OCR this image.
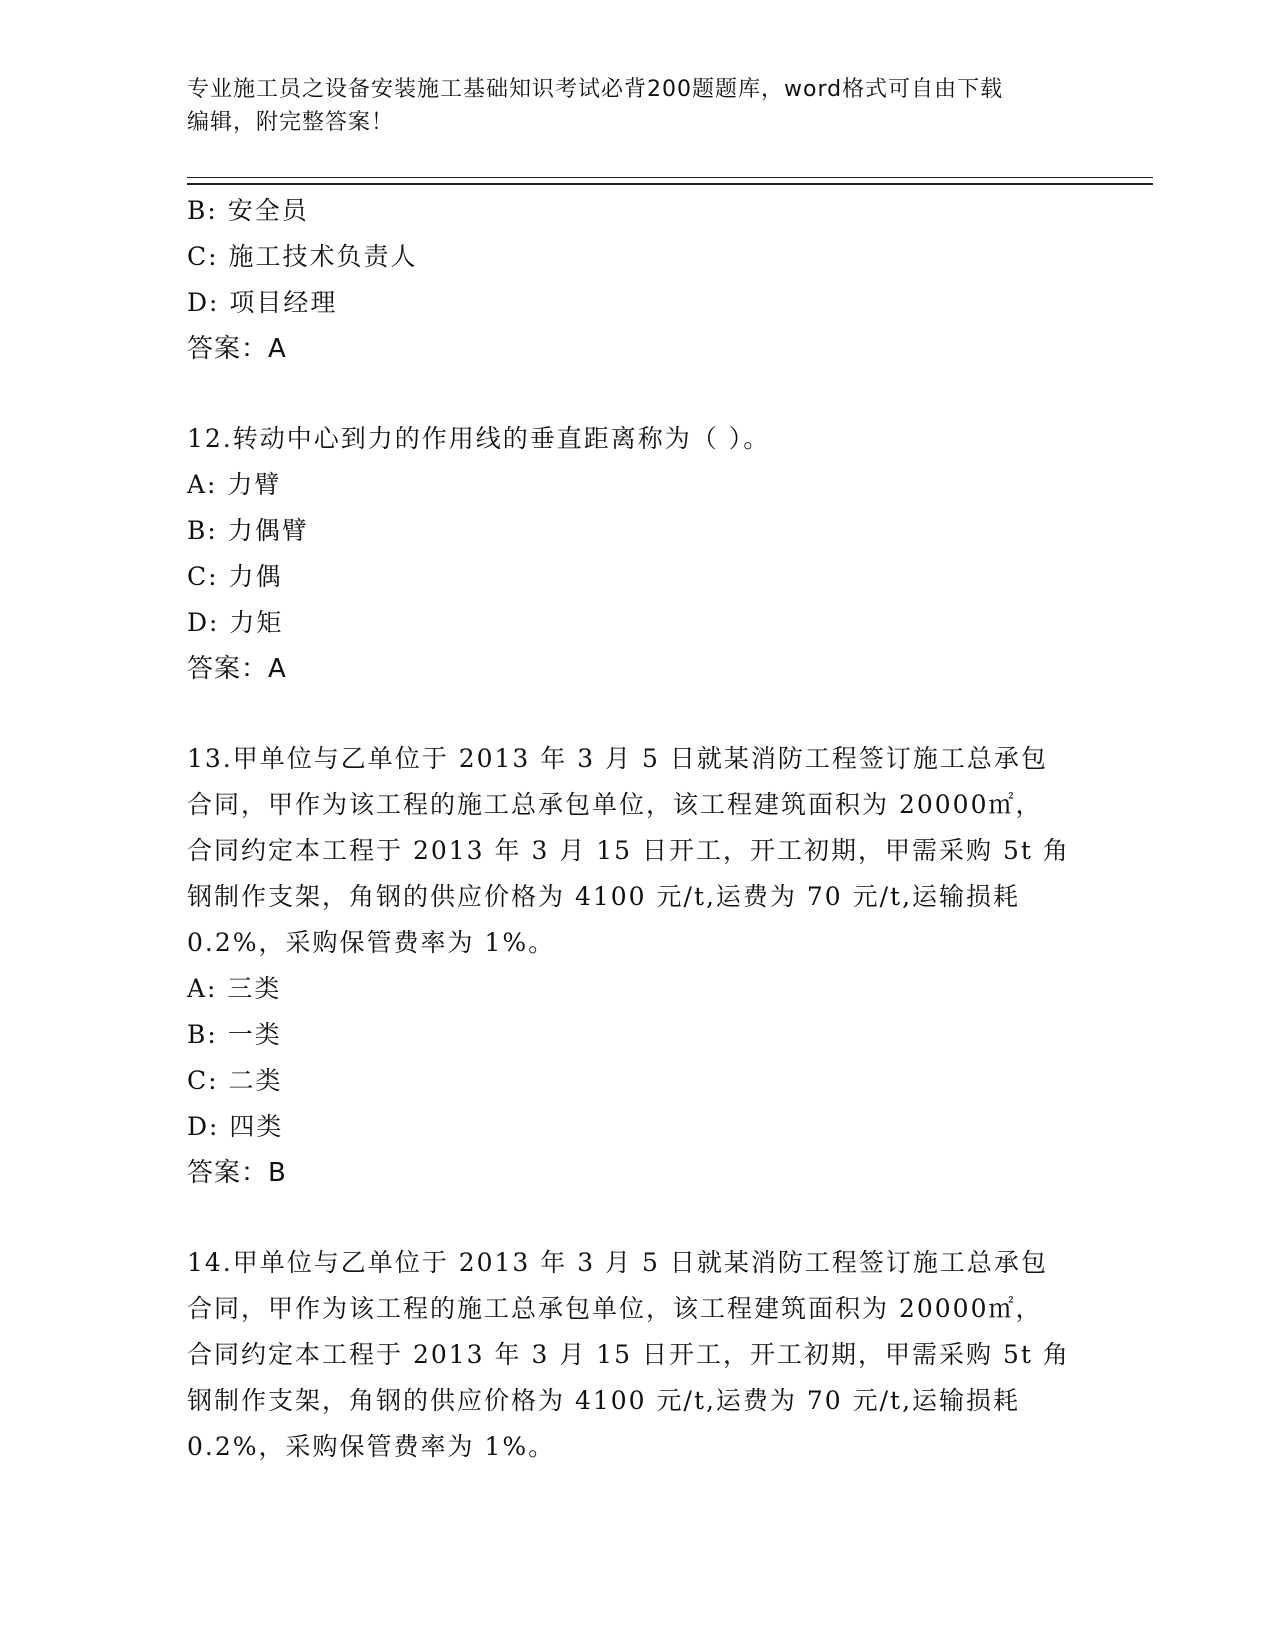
专业施工员之设备安装施工基础知识考试必背200题题库，word格式可自由下载
编辑，附完整答案！
B: 安全员
C: 施工技术负责人
D: 项目经理
答案：A
12.转动中心到力的作用线的垂直距离称为（ ）。
A: 力臂
B: 力偶臂
C: 力偶
D: 力矩
答案：A
13.甲单位与乙单位于 2013 年 3 月 5 日就某消防工程签订施工总承包
合同，甲作为该工程的施工总承包单位，该工程建筑面积为 20000㎡，
合同约定本工程于 2013 年 3 月 15 日开工，开工初期，甲需采购 5t 角
钢制作支架，角钢的供应价格为 4100 元/t,运费为 70 元/t,运输损耗
0.2%，采购保管费率为 1%。
A: 三类
B: 一类
C: 二类
D: 四类
答案：B
14.甲单位与乙单位于 2013 年 3 月 5 日就某消防工程签订施工总承包
合同，甲作为该工程的施工总承包单位，该工程建筑面积为 20000㎡，
合同约定本工程于 2013 年 3 月 15 日开工，开工初期，甲需采购 5t 角
钢制作支架，角钢的供应价格为 4100 元/t,运费为 70 元/t,运输损耗
0.2%，采购保管费率为 1%。
